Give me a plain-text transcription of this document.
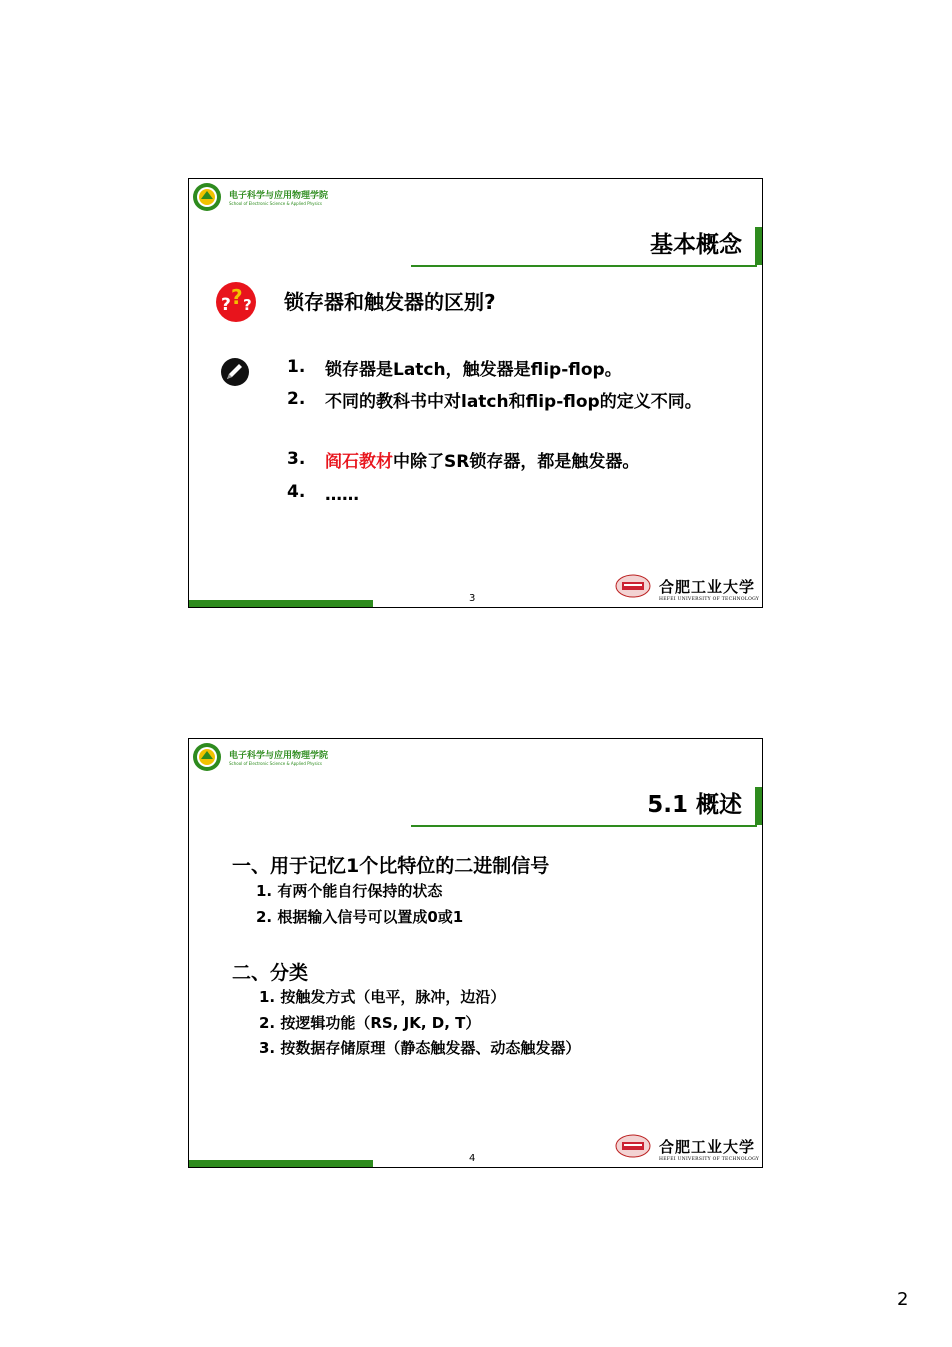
电子科学与应用物理学院
School of Electronic Science & Applied Physics
基本概念
? ? ? 锁存器和触发器的区别?
1. 锁存器是Latch，触发器是flip-flop。
2. 不同的教科书中对latch和flip-flop的定义不同。
3. 阎石教材中除了SR锁存器，都是触发器。
4. ……
3
合肥工业大学
HEFEI UNIVERSITY OF TECHNOLOGY
电子科学与应用物理学院
School of Electronic Science & Applied Physics
5.1 概述
一、用于记忆1个比特位的二进制信号
1. 有两个能自行保持的状态
2. 根据输入信号可以置成0或1
二、分类
1. 按触发方式（电平，脉冲，边沿）
2. 按逻辑功能（RS, JK, D, T）
3. 按数据存储原理（静态触发器、动态触发器）
4
合肥工业大学
HEFEI UNIVERSITY OF TECHNOLOGY
2
